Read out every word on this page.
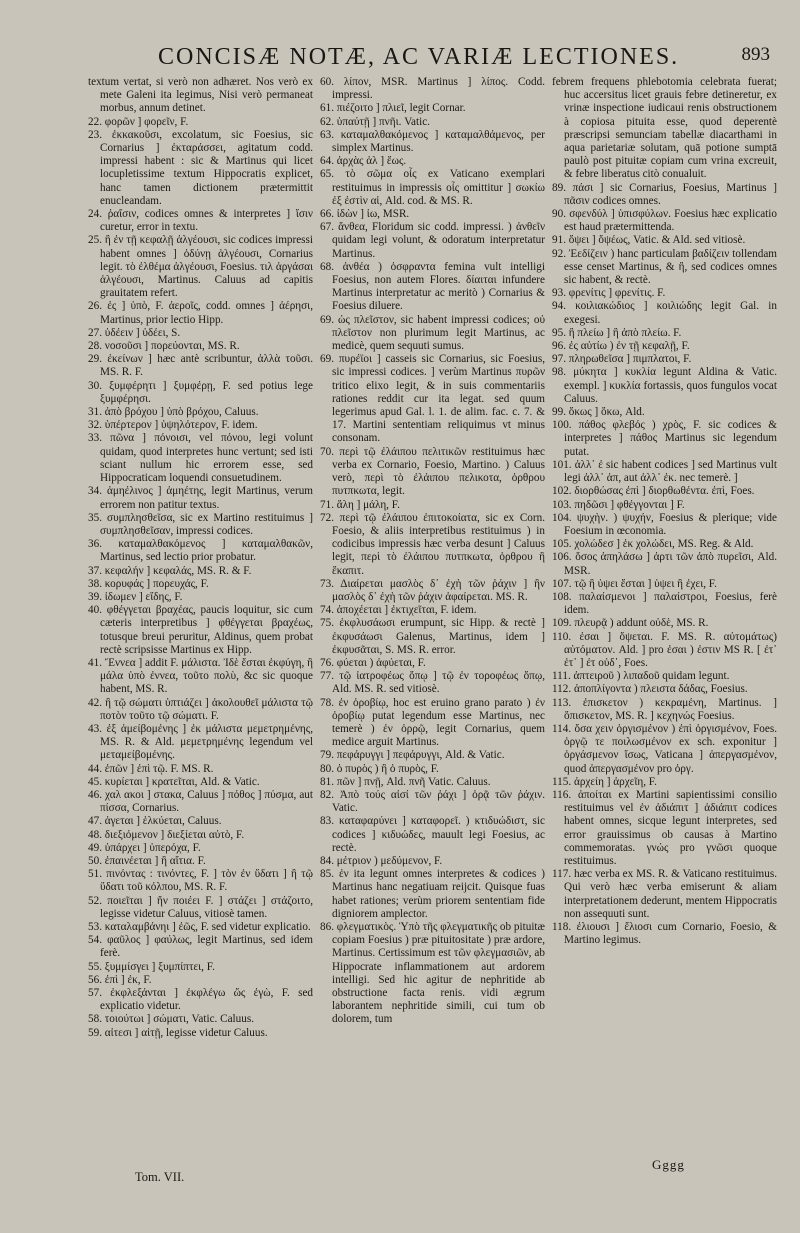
CONCISÆ NOTÆ, AC VARIÆ LECTIONES.	893

textum vertat, si verò non adhæret. Nos verò ex mete Galeni ita legimus, Nisi verò permaneat morbus, annum detinet.

22. φορῶν ] φορεῖν, F.

23. ἐκκακοῦσι, excolatum, sic Foesius, sic Cornarius ] ἐκταράσσει, agitatum codd. impressi habent : sic & Martinus qui licet locupletissime textum Hippocratis explicet, hanc tamen dictionem prætermittit enucleandam.

24. ῥαΐσιν, codices omnes & interpretes ] ἴσιν curetur, error in textu.

25. ἢ ἐν τῇ κεφαλῇ ἀλγέουσι, sic codices impressi habent omnes ] ὀδύνῃ ἀλγέουσι, Cornarius legit. τὸ ἐλθέμα ἀλγέουσι, Foesius. τιλ ἀργάσαι ἀλγέουσι, Martinus. Caluus ad capitis grauitatem refert.

26. ἐς ] ὑπὸ, F. ἀεροῖς, codd. omnes ] ἀέρησι, Martinus, prior lectio Hipp.

27. ὑδέειν ] ὑδέει, S.

28. νοσοῦσι ] πορεύονται, MS. R.

29. ἐκείνων ] hæc antè scribuntur, ἀλλὰ τοῦσι. MS. R. F.

30. ξυμφέρητι ] ξυμφέρῃ, F. sed potius lege ξυμφέρησι.

31. ἀπὸ βρόχου ] ὑπὸ βρόχου, Caluus.

32. ὑπέρτερον ] ὑψηλότερον, F. idem.

33. πῶνα ] πόνοισι, vel πόνου, legi volunt quidam, quod interpretes hunc vertunt; sed isti sciant nullum hic errorem esse, sed Hippocraticam loquendi consuetudinem.

34. ἀμηέλινος ] ἀμηέτης, legit Martinus, verum errorem non patitur textus.

35. συμπλησθεῖσα, sic ex Martino restituimus ] συμπλησθεῖσαν, impressi codices.

36. καταμαλθακόμενος ] καταμαλθακῶν, Martinus, sed lectio prior probatur.

37. κεφαλήν ] κεφαλάς, MS. R. & F.

38. κορυφάς ] πορευχάς, F.

39. ἰδωμεν ] εἴδης, F.

40. φθέγγεται βραχέας, paucis loquitur, sic cum cæteris interpretibus ] φθέγγεται βραχέως, totusque breui peruritur, Aldinus, quem probat rectè scripsisse Martinus ex Hipp.

41. Ἔννεα ] addit F. μάλιστα. Ἰδὲ ἔσται ἐκφύγη, ἢ μάλα ὑπὸ ἐννεα, τοῦτο πολὺ, &c sic quoque habent, MS. R.

42. ἢ τῷ σώματι ὑπτιάζει ] ἀκολουθεῖ μάλιστα τῷ ποτὸν τοῦτο τῷ σώματι. F.

43. ἐξ ἀμείβομένης ] ἐκ μάλιστα μεμετρημένης, MS. R. & Ald. μεμετρημένης legendum vel μεταμείβομένης.

44. ἐπῶν ] ἐπὶ τῷ. F. MS. R.

45. κυρίεται ] κρατεῖται, Ald. & Vatic.

46. χαλ ακοι ] στακα, Caluus ] πόθος ] πύσμα, aut πίσσα, Cornarius.

47. ἀγεται ] ἑλκύεται, Caluus.

48. διεξιόμενον ] διεξίεται αὐτὸ, F.

49. ὑπάρχει ] ὑπερόχα, F.

50. ἐπαινέεται ] ἢ αἴτια. F.

51. πινόντας : τινόντες, F. ] τὸν ἐν ὕδατι ] ἢ τῷ ὕδατι τοῦ κόλπου, MS. R. F.

52. ποιεῖται ] ἤν ποιέει F. ] στάζει ] στάζοιτο, legisse videtur Caluus, vitiosè tamen.

53. καταλαμβάνηι ] ἐῶς, F. sed videtur explicatio.

54. φαῦλος ] φαύλως, legit Martinus, sed idem ferè.

55. ξυμμίσγει ] ξυμπίπτει, F.

56. ἐπὶ ] ἐκ, F.

57. ἐκφλεξάνται ] ἐκφλέγω ὥς ἐγὼ, F. sed explicatio videtur.

58. τοιούτωι ] σώματι, Vatic. Caluus.

59. αἰτεσι ] αἰτῇ, legisse videtur Caluus.

60. λίπον, MSR. Martinus ] λίπος. Codd. impressi.

61. πιέζοιτο ] πλιεῖ, legit Cornar.

62. ὑπαύτῇ ] πνῆι. Vatic.

63. καταμαλθακόμενος ] καταμαλθάμενος, per simplex Martinus.

64. ἀρχὰς ἀλ ] ἕως.

65. τὸ σῶμα οἷς ex Vaticano exemplari restituimus in impressis οἷς omittitur ] σωκίω ἐξ ἐστὶν αἱ, Ald. cod. & MS. R.

66. ἰδὼν ] ἰω, MSR.

67. ἄνθεα, Floridum sic codd. impressi. ) ἀνθεῖν quidam legi volunt, & odoratum interpretatur Martinus.

68. ἀνθέα ) ὀσφραντα femina vult intelligi Foesius, non autem Flores. δίαιται infundere Martinus interpretatur ac meritò ) Cornarius & Foesius diluere.

69. ὡς πλεῖστον, sic habent impressi codices; οὐ πλεῖστον non plurimum legit Martinus, ac medicè, quem sequuti sumus.

69. πυρέϊοι ] casseis sic Cornarius, sic Foesius, sic impressi codices. ] verùm Martinus πυρῶν tritico elixo legit, & in suis commentariis rationes reddit cur ita legat. sed quum legerimus apud Gal. l. 1. de alim. fac. c. 7. & 17. Martini sententiam reliquimus vt minus consonam.

70. περὶ τῷ ἐλάιπου πελιτικῶν restituimus hæc verba ex Cornario, Foesio, Martino. ) Caluus verò, περὶ τὸ ἐλάιπου πελικοτα, ὀρθρου πυτπκωτα, legit.

71. ἄλη ] μάλη, F.

72. περὶ τῷ ἐλάιπου ἐπιτοκοίατα, sic ex Corn. Foesio, & aliis interpretibus restituimus ) in codicibus impressis hæc verba desunt ] Caluus legit, περὶ τὸ ἐλάιπου πυτπκωτα, ὀρθρου ἢ ἕκαπιτ.

73. Διαίρεται μασλὸς δ᾽ ἐχὴ τῶν ῥάχιν ] ἢν μασλὸς δ᾽ ἐχὴ τῶν ῥάχιν ἀφαίρεται. MS. R.

74. ἀποχέεται ] ἐκτιχεῖται, F. idem.

75. ἐκφλυσάωσι erumpunt, sic Hipp. & rectè ] ἐκφυσάωσι Galenus, Martinus, idem ] ἐκφυσᾶται, S. MS. R. error.

76. φύεται ) ἀφύεται, F.

77. τῷ ἰατροφέως ὅπῳ ] τῷ ἐν τοροφέως ὅπῳ, Ald. MS. R. sed vitiosè.

78. ἐν ὀροβίῳ, hoc est eruino grano parato ) ἐν ὀροβίῳ putat legendum esse Martinus, nec temerè ) ἐν ὀρρῷ, legit Cornarius, quem medice arguit Martinus.

79. πεφάρυγγι ] πεφάρυγγι, Ald. & Vatic.

80. ὁ πυρὸς ) ἢ ὁ πυρὸς, F.

81. πῶν ] πνῇ, Ald. πνῆ Vatic. Caluus.

82. Ἀπὸ τούς αἰσί τῶν ῥάχι ] ὀρᾷ τῶν ῥάχιν. Vatic.

83. καταφαρύνει ] καταφορεῖ. ) κτιδυώδιστ, sic codices ] κιδυώδες, mauult legi Foesius, ac rectè.

84. μέτριον ) μεδύμενον, F.

85. ἐν ita legunt omnes interpretes & codices ) Martinus hanc negatiuam reijcit. Quisque fuas habet rationes; verùm priorem sententiam fide digniorem amplector.

86. φλεγματικὸς. Ὑπὸ τῆς φλεγματικῆς ob pituitæ copiam Foesius ) præ pituitositate ) præ ardore, Martinus. Certissimum est τῶν φλεγμασιῶν, ab Hippocrate inflammationem aut ardorem intelligi. Sed hic agitur de nephritide ab obstructione facta renis. vidi ægrum laborantem nephritide simili, cui tum ob dolorem, tum

febrem frequens phlebotomia celebrata fuerat; huc accersitus licet grauis febre detineretur, ex vrinæ inspectione iudicaui renis obstructionem à copiosa pituita esse, quod deperentè præscripsi semunciam tabellæ diacarthami in aqua parietariæ solutam, quā potione sumptā paulò post pituitæ copiam cum vrina excreuit, & febre liberatus citò conualuit.

89. πάσι ] sic Cornarius, Foesius, Martinus ] πᾶσιν codices omnes.

90. σφενδύλ ] ὑπισφύλων. Foesius hæc explicatio est haud prætermittenda.

91. ὄψει ] ὄψέως, Vatic. & Ald. sed vitiosè.

92. Ἐεδίζειν ) hanc particulam βαδίζειν tollendam esse censet Martinus, & ἢ, sed codices omnes sic habent, & rectè.

93. φρενίτις ] φρενίτις. F.

94. κοιλιακώδιος ] κοιλιώδης legit Gal. in exegesi.

95. ἢ πλείω ] ἢ ἀπὸ πλείω. F.

96. ἐς αὐτίω ) ἐν τῇ κεφαλῇ, F.

97. πληρωθεῖσα ] πιμπλατοι, F.

98. μύκητα ] κυκλία legunt Aldina & Vatic. exempl. ] κυκλία fortassis, quos fungulos vocat Caluus.

99. ὄκως ] ὅκω, Ald.

100. πάθος φλεβός ) χρὸς, F. sic codices & interpretes ] πάθος Martinus sic legendum putat.

101. ἀλλ᾽ ἐ sic habent codices ] sed Martinus vult legi ἀλλ᾽ ἀπ, aut ἀλλ᾽ ἐκ. nec temerè. ]

102. διορθώσας ἐπὶ ] διορθωθέντα. ἐπὶ, Foes.

103. πηδῶσι ] φθέγγονται ] F.

104. ψυχὴν. ) ψυχήν, Foesius & plerique; vide Foesium in œconomia.

105. χολώδεσ ] ἐκ χολώδει, MS. Reg. & Ald.

106. ὅσος ἀπηλάσω ] ἀρτι τῶν ἀπὸ πυρεῖσι, Ald. MSR.

107. τῷ ἢ ὑψει ἔσται ] ὑψει ἢ ἐχει, F.

108. παλαίσμενοι ] παλαίστροι, Foesius, ferè idem.

109. πλευρᾷ ) addunt οὐδὲ, MS. R.

110. ἐσαι ] ὄψεται. F. MS. R. αὐτομάτως) αὐτόματον. Ald. ] pro ἐσαι ) ἐστιν MS R. [ ἐτ᾽ ἐτ᾽ ] ἐτ οὐδ᾽, Foes.

111. ἀπτειροῦ ) λιπαδοῦ quidam legunt.

112. ἀποπλίγοντα ) πλειστα δάδας, Foesius.

113. ἐπισκετον ) κεκραμένη, Martinus. ] ὅπισκετον, MS. R. ] κεχηνώς Foesius.

114. ὅσα χειν ὀργισμένον ) ἐπὶ ὀργισμένον, Foes. ὀργῷ τε ποιλωσμένον ex sch. exponitur ] ὀργάσμενον ἴσως, Vaticana ] ἀπεργασμένον, quod ἀπεργασμένον pro ὀργ.

115. ἀρχείη ] ἀρχεῖη, F.

116. ἀποίται ex Martini sapientissimi consilio restituimus vel ἐν ἀδιάπιτ ] ἀδιάπιτ codices habent omnes, sicque legunt interpretes, sed error grauissimus ob causas à Martino commemoratas. γνώς pro γνῶσι quoque restituimus.

117. hæc verba ex MS. R. & Vaticano restituimus. Qui verò hæc verba emiserunt & aliam interpretationem dederunt, mentem Hippocratis non assequuti sunt.

118. ἐλιουσι ] ἔλιοσι cum Cornario, Foesio, & Martino legimus.

Tom. VII.
Gggg
